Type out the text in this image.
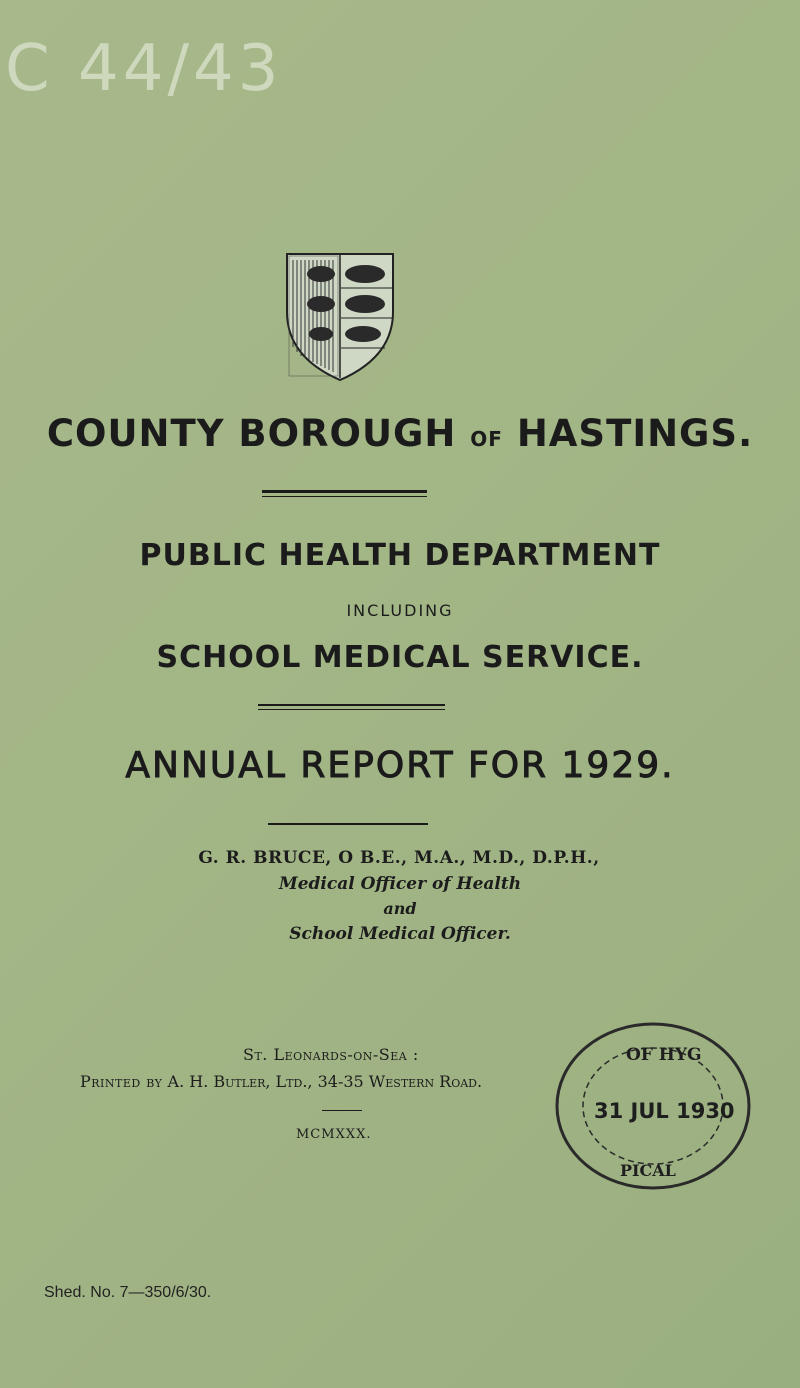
C 44/43
COUNTY BOROUGH OF HASTINGS.
PUBLIC HEALTH DEPARTMENT
INCLUDING
SCHOOL MEDICAL SERVICE.
ANNUAL REPORT FOR 1929.
G. R. BRUCE, O B.E., M.A., M.D., D.P.H.,
Medical Officer of Health
and
School Medical Officer.
St. Leonards-on-Sea :
Printed by A. H. Butler, Ltd., 34-35 Western Road.
MCMXXX.
OF HYG
31 JUL 1930
PICAL
Shed. No. 7—350/6/30.
